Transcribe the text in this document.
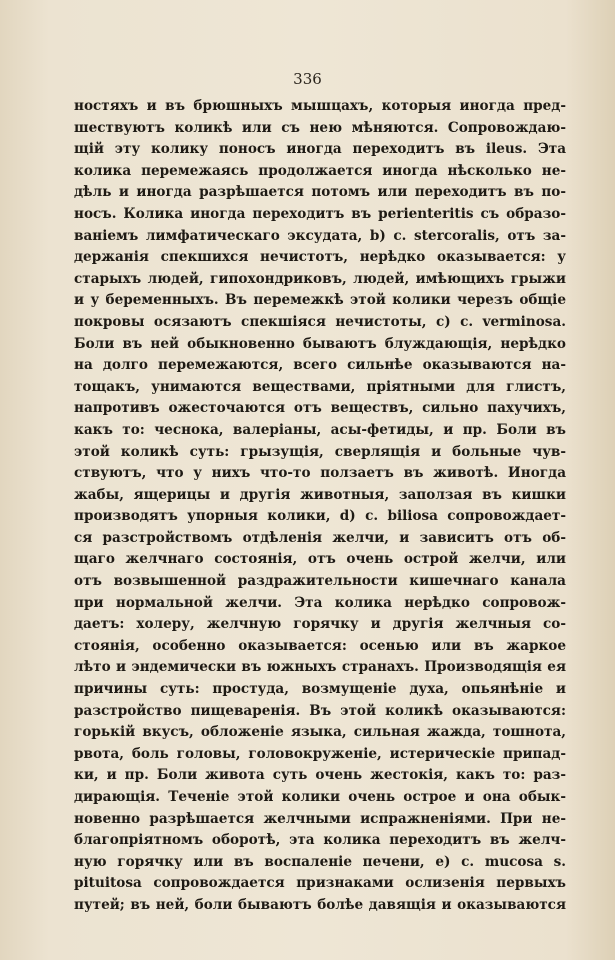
336
ностяхъ и въ брюшныхъ мышцахъ, которыя иногда пред-
шествуютъ коликѣ или съ нею мѣняются. Сопровождаю-
щій эту колику поносъ иногда переходитъ въ ileus. Эта
колика перемежаясь продолжается иногда нѣсколько не-
дѣль и иногда разрѣшается потомъ или переходитъ въ по-
носъ. Колика иногда переходитъ въ perienteritis съ образо-
ваніемъ лимфатическаго эксудата, b) c. stercoralis, отъ за-
держанія спекшихся нечистотъ, нерѣдко оказывается: у
старыхъ людей, гипохондриковъ, людей, имѣющихъ грыжи
и у беременныхъ. Въ перемежкѣ этой колики черезъ общіе
покровы осязаютъ спекшіяся нечистоты, c) c. verminosa.
Боли въ ней обыкновенно бываютъ блуждающія, нерѣдко
на долго перемежаются, всего сильнѣе оказываются на-
тощакъ, унимаются веществами, пріятными для глистъ,
напротивъ ожесточаются отъ веществъ, сильно пахучихъ,
какъ то: чеснока, валеріаны, асы-фетиды, и пр. Боли въ
этой коликѣ суть: грызущія, сверлящія и больные чув-
ствуютъ, что у нихъ что-то ползаетъ въ животѣ. Иногда
жабы, ящерицы и другія животныя, заползая въ кишки
производятъ упорныя колики, d) c. biliosa сопровождает-
ся разстройствомъ отдѣленія желчи, и зависитъ отъ об-
щаго желчнаго состоянія, отъ очень острой желчи, или
отъ возвышенной раздражительности кишечнаго канала
при нормальной желчи. Эта колика нерѣдко сопровож-
даетъ: холеру, желчную горячку и другія желчныя со-
стоянія, особенно оказывается: осенью или въ жаркое
лѣто и эндемически въ южныхъ странахъ. Производящія ея
причины суть: простуда, возмущеніе духа, опьянѣніе и
разстройство пищеваренія. Въ этой коликѣ оказываются:
горькій вкусъ, обложеніе языка, сильная жажда, тошнота,
рвота, боль головы, головокруженіе, истерическіе припад-
ки, и пр. Боли живота суть очень жестокія, какъ то: раз-
дирающія. Теченіе этой колики очень острое и она обык-
новенно разрѣшается желчными испражненіями. При не-
благопріятномъ оборотѣ, эта колика переходитъ въ желч-
ную горячку или въ воспаленіе печени, e) c. mucosa s.
pituitosa сопровождается признаками ослизенія первыхъ
путей; въ ней, боли бываютъ болѣе давящія и оказываются
